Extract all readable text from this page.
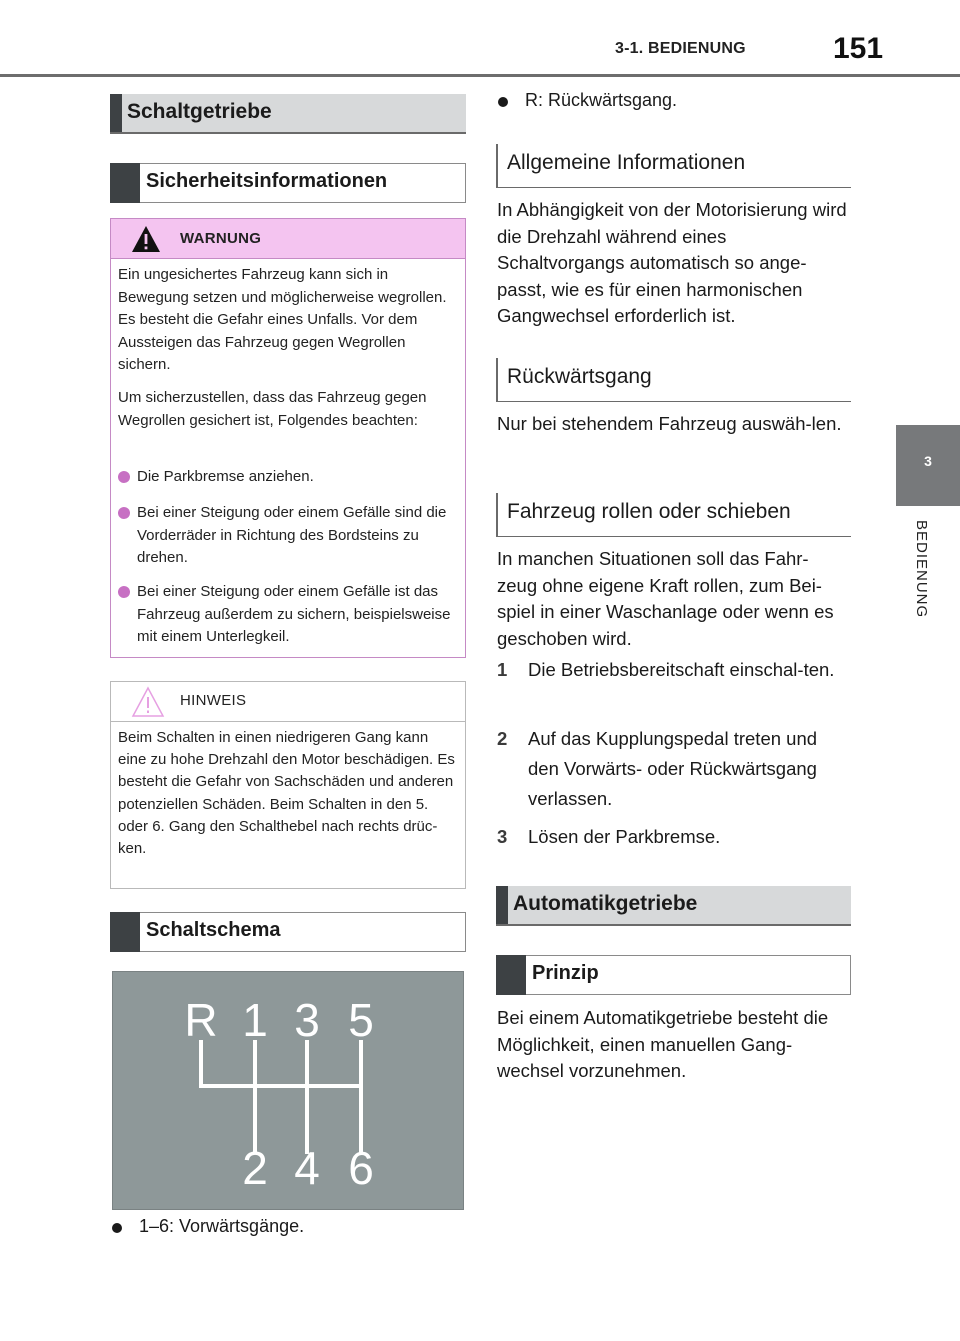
3-1. BEDIENUNG	151
3
BEDIENUNG
Schaltgetriebe
Sicherheitsinformationen
WARNUNG
Ein ungesichertes Fahrzeug kann sich in Bewegung setzen und möglicherweise wegrollen. Es besteht die Gefahr eines Unfalls. Vor dem Aussteigen das Fahrzeug gegen Wegrollen sichern.
Um sicherzustellen, dass das Fahrzeug gegen Wegrollen gesichert ist, Folgendes beachten:
Die Parkbremse anziehen.
Bei einer Steigung oder einem Gefälle sind die Vorderräder in Richtung des Bordsteins zu drehen.
Bei einer Steigung oder einem Gefälle ist das Fahrzeug außerdem zu sichern, beispielsweise mit einem Unterlegkeil.
HINWEIS
Beim Schalten in einen niedrigeren Gang kann eine zu hohe Drehzahl den Motor beschädigen. Es besteht die Gefahr von Sachschäden und anderen potenziellen Schäden. Beim Schalten in den 5. oder 6. Gang den Schalthebel nach rechts drüc-ken.
Schaltschema
R 1 3 5
2 4 6
1–6: Vorwärtsgänge.
R: Rückwärtsgang.
Allgemeine Informationen
In Abhängigkeit von der Motorisierung wird die Drehzahl während eines Schaltvorgangs automatisch so ange-passt, wie es für einen harmonischen Gangwechsel erforderlich ist.
Rückwärtsgang
Nur bei stehendem Fahrzeug auswäh-len.
Fahrzeug rollen oder schieben
In manchen Situationen soll das Fahr-zeug ohne eigene Kraft rollen, zum Bei-spiel in einer Waschanlage oder wenn es geschoben wird.
1 Die Betriebsbereitschaft einschal-ten.
2 Auf das Kupplungspedal treten und den Vorwärts- oder Rückwärtsgang verlassen.
3 Lösen der Parkbremse.
Automatikgetriebe
Prinzip
Bei einem Automatikgetriebe besteht die Möglichkeit, einen manuellen Gang-wechsel vorzunehmen.
